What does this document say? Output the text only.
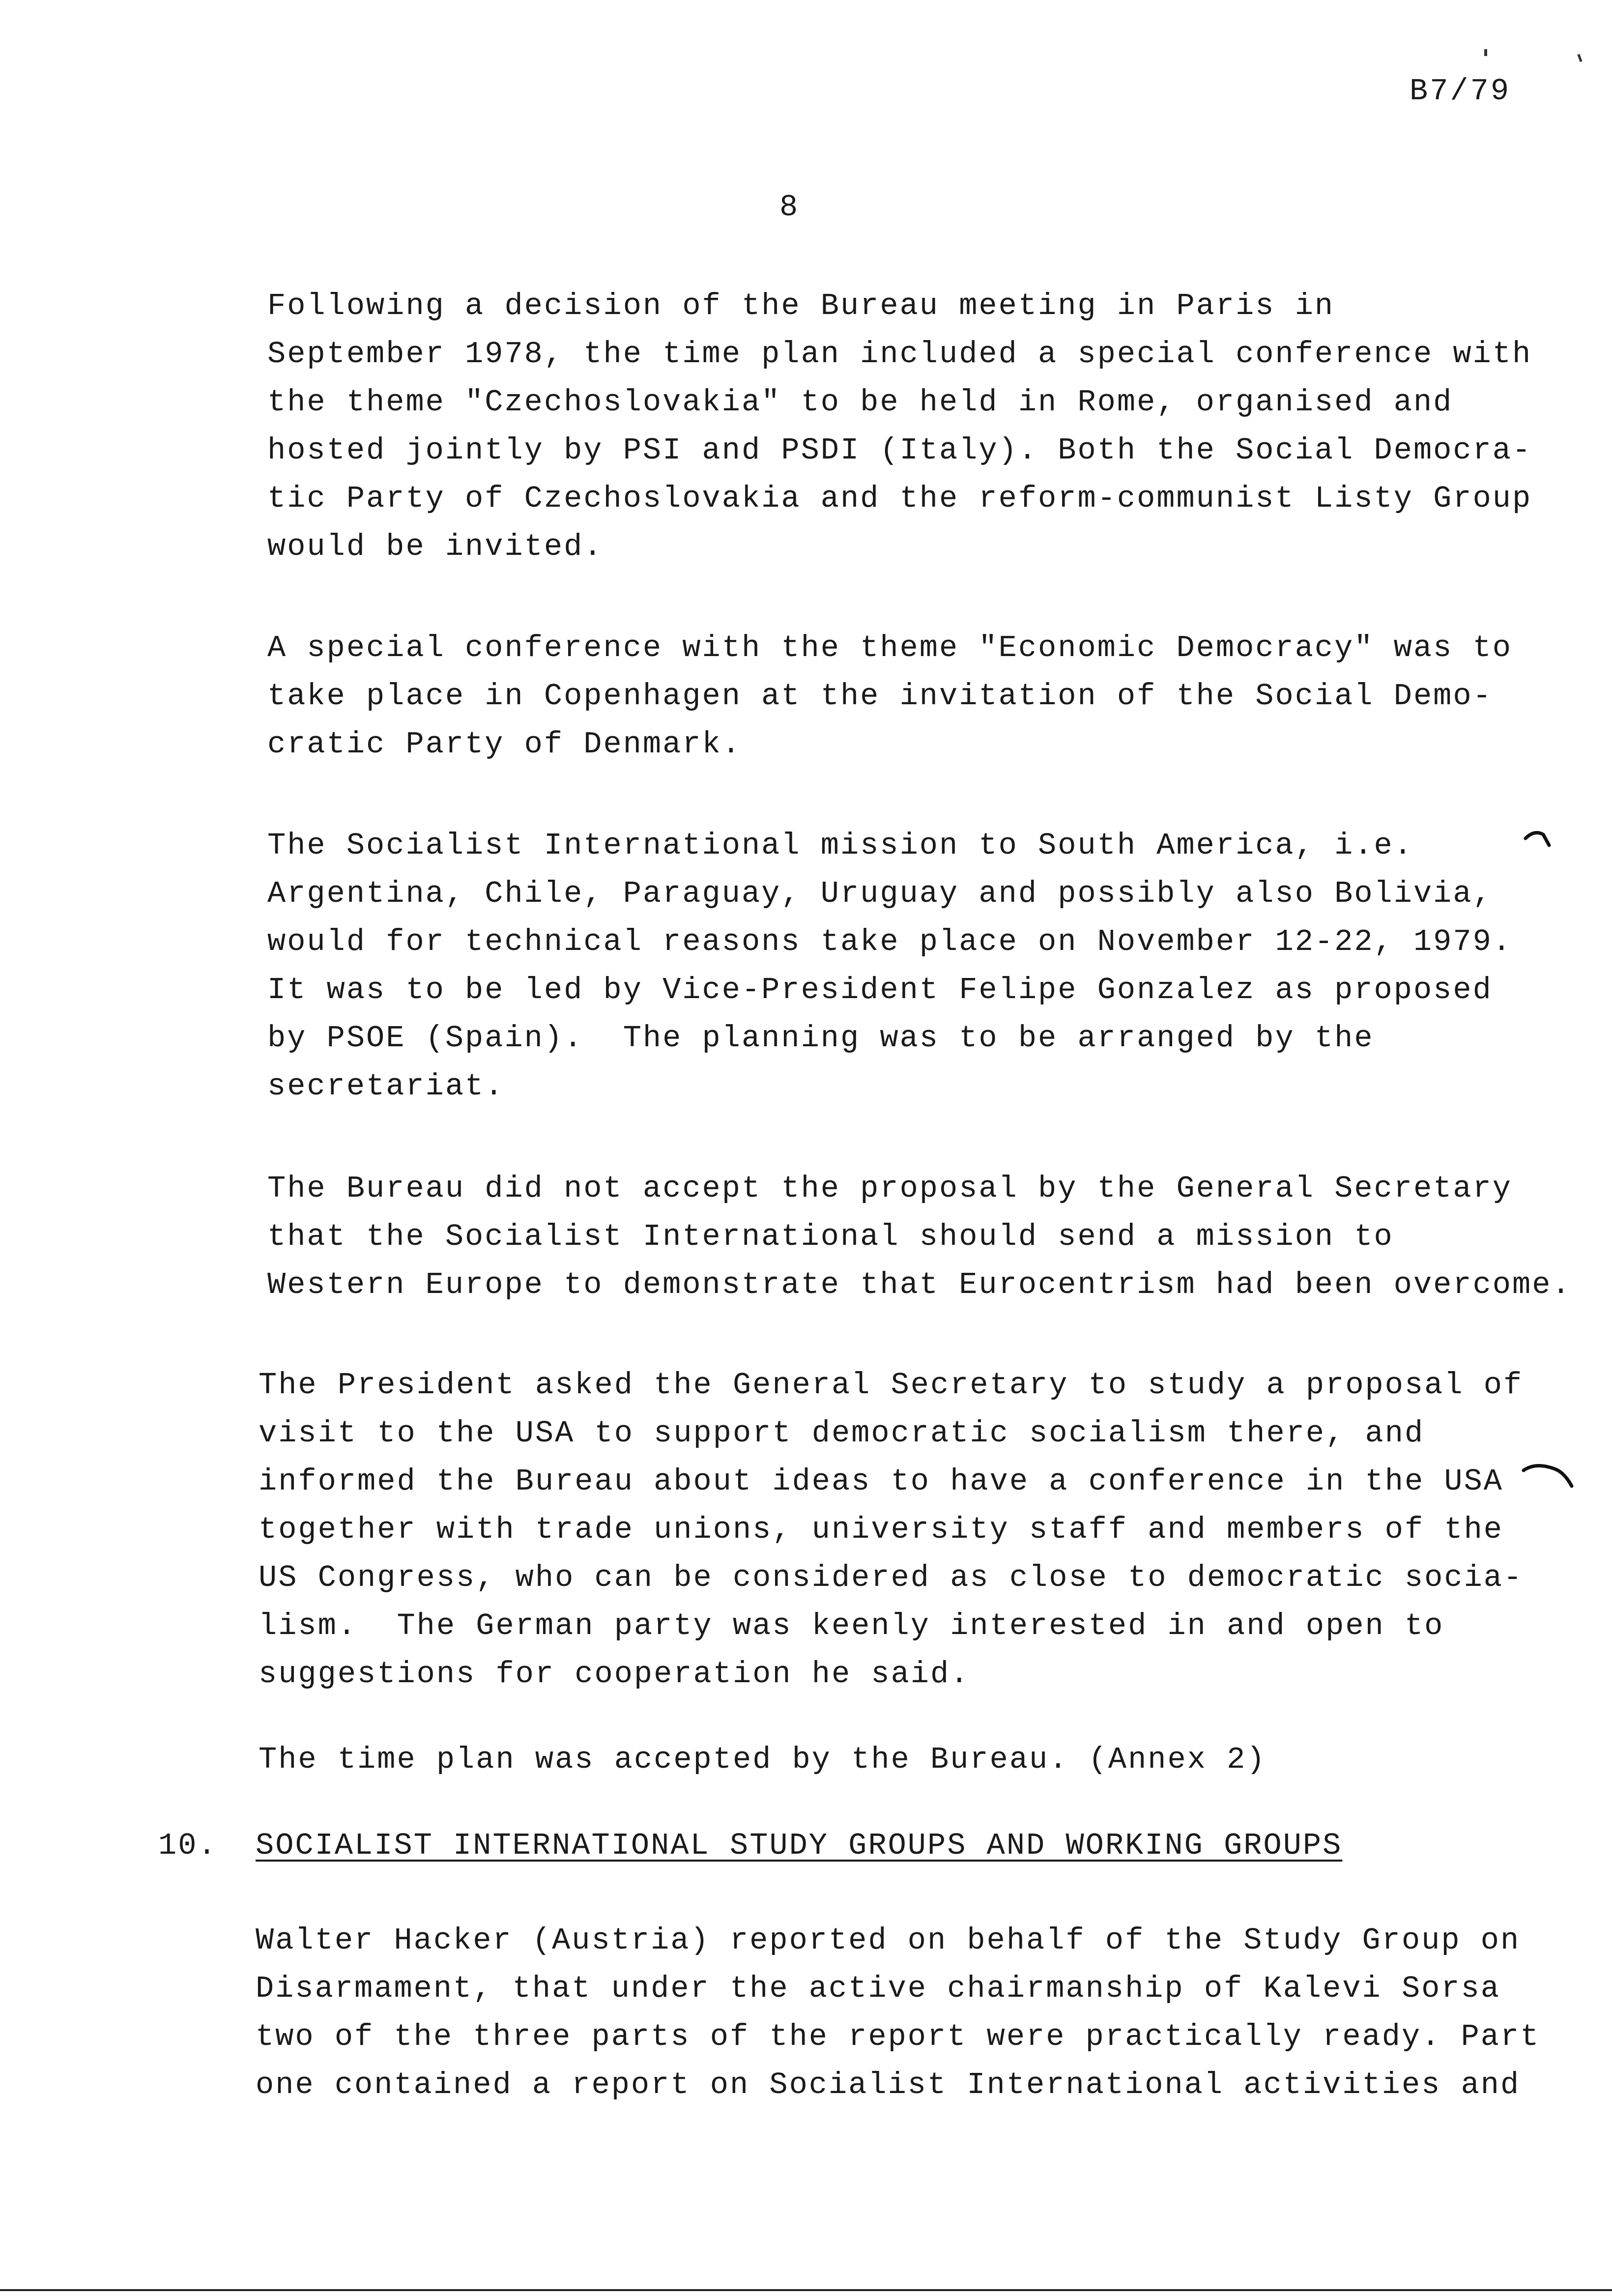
B7/79
8

Following a decision of the Bureau meeting in Paris in
September 1978, the time plan included a special conference with
the theme "Czechoslovakia" to be held in Rome, organised and
hosted jointly by PSI and PSDI (Italy). Both the Social Democra-
tic Party of Czechoslovakia and the reform-communist Listy Group
would be invited.

A special conference with the theme "Economic Democracy" was to
take place in Copenhagen at the invitation of the Social Demo-
cratic Party of Denmark.

The Socialist International mission to South America, i.e.
Argentina, Chile, Paraguay, Uruguay and possibly also Bolivia,
would for technical reasons take place on November 12-22, 1979.
It was to be led by Vice-President Felipe Gonzalez as proposed
by PSOE (Spain).  The planning was to be arranged by the
secretariat.

The Bureau did not accept the proposal by the General Secretary
that the Socialist International should send a mission to
Western Europe to demonstrate that Eurocentrism had been overcome.

The President asked the General Secretary to study a proposal of
visit to the USA to support democratic socialism there, and
informed the Bureau about ideas to have a conference in the USA
together with trade unions, university staff and members of the
US Congress, who can be considered as close to democratic socia-
lism.  The German party was keenly interested in and open to
suggestions for cooperation he said.

The time plan was accepted by the Bureau. (Annex 2)

10. SOCIALIST INTERNATIONAL STUDY GROUPS AND WORKING GROUPS

Walter Hacker (Austria) reported on behalf of the Study Group on
Disarmament, that under the active chairmanship of Kalevi Sorsa
two of the three parts of the report were practically ready. Part
one contained a report on Socialist International activities and
